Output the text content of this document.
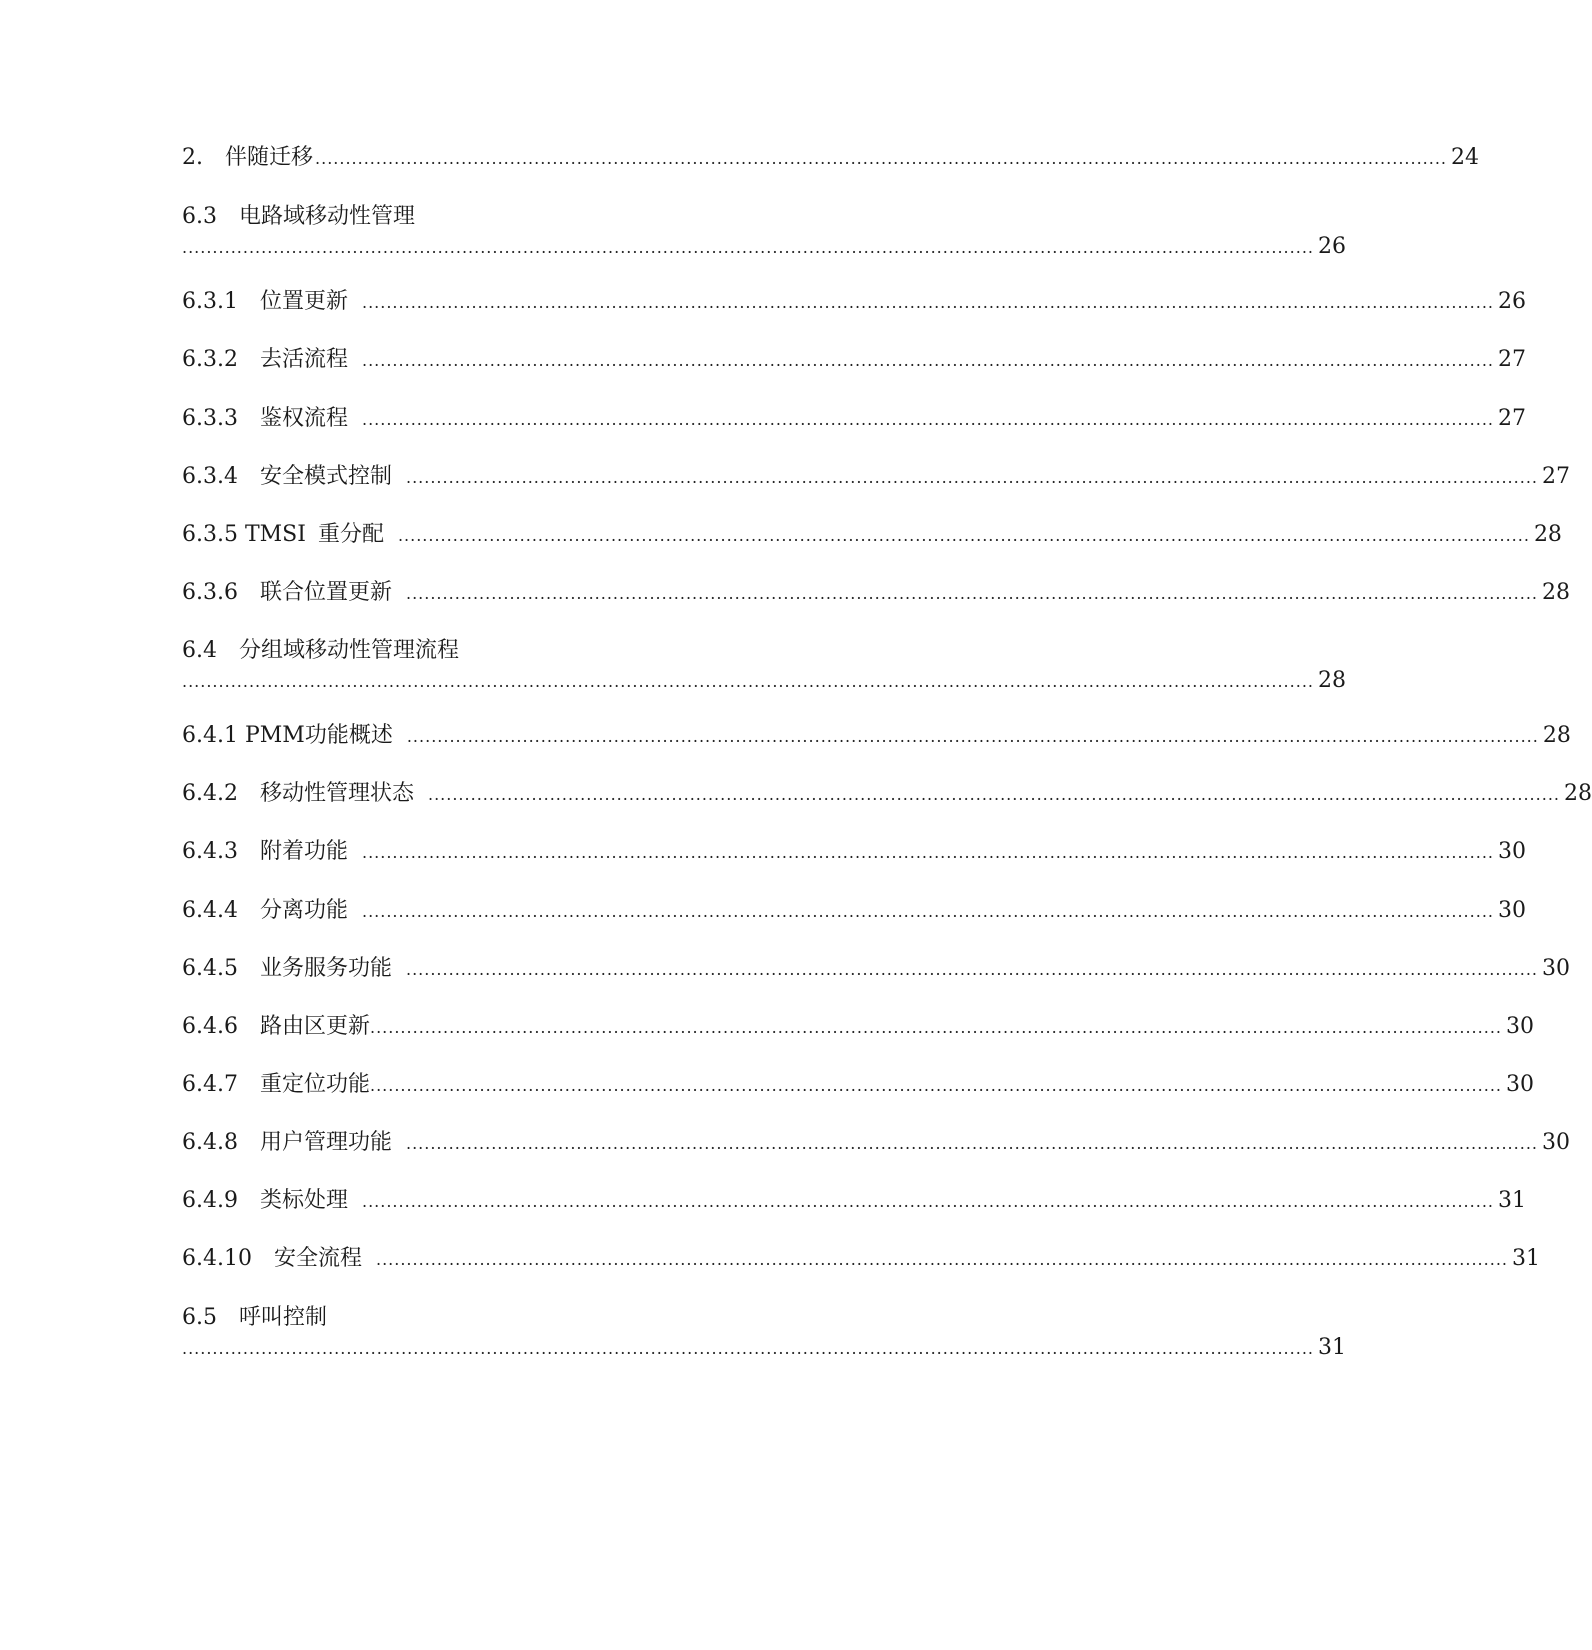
2. 伴随迁移 .......................................................................................................................................................................................... 24
6.3 电路域移动性管理
.......................................................................................................................................................................................... 26
6.3.1 位置更新 .......................................................................................................................................................................................... 26
6.3.2 去活流程 .......................................................................................................................................................................................... 27
6.3.3 鉴权流程 .......................................................................................................................................................................................... 27
6.3.4 安全模式控制 .......................................................................................................................................................................................... 27
6.3.5 TMSI 重分配 .......................................................................................................................................................................................... 28
6.3.6 联合位置更新 .......................................................................................................................................................................................... 28
6.4 分组域移动性管理流程
.......................................................................................................................................................................................... 28
6.4.1 PMM 功能概述 .......................................................................................................................................................................................... 28
6.4.2 移动性管理状态 .......................................................................................................................................................................................... 28
6.4.3 附着功能 .......................................................................................................................................................................................... 30
6.4.4 分离功能 .......................................................................................................................................................................................... 30
6.4.5 业务服务功能 .......................................................................................................................................................................................... 30
6.4.6 路由区更新 .......................................................................................................................................................................................... 30
6.4.7 重定位功能 .......................................................................................................................................................................................... 30
6.4.8 用户管理功能 .......................................................................................................................................................................................... 30
6.4.9 类标处理 .......................................................................................................................................................................................... 31
6.4.10 安全流程 .......................................................................................................................................................................................... 31
6.5 呼叫控制
.......................................................................................................................................................................................... 31
